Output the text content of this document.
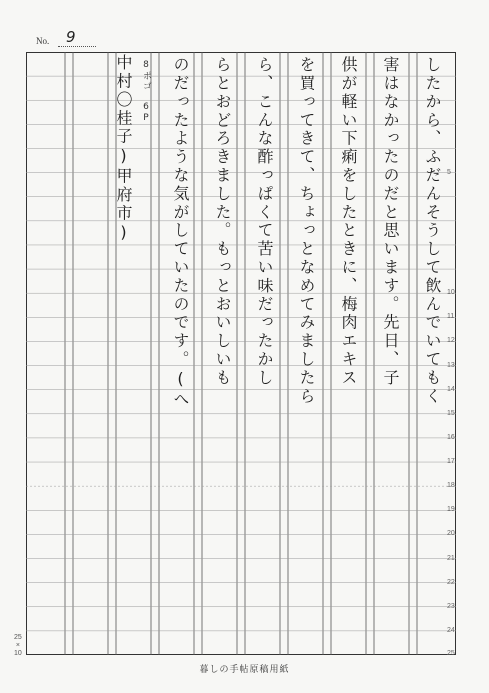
No. 9
したから、ふだんそうして飲んでいてもく
害はなかったのだと思います。先日、子
供が軽い下痢をしたときに、梅肉エキス
を買ってきて、ちょっとなめてみましたら
ら、こんな酢っぱくて苦い味だったかし
らとおどろきました。もっとおいしいも
のだったような気がしていたのです。(へ
中村〇桂子)甲府市) 8ポゴ 6P
5
10
11
12
13
14
15
16
17
18
19
20
21
22
23
24
25
25
×
10
暮しの手帖原稿用紙
